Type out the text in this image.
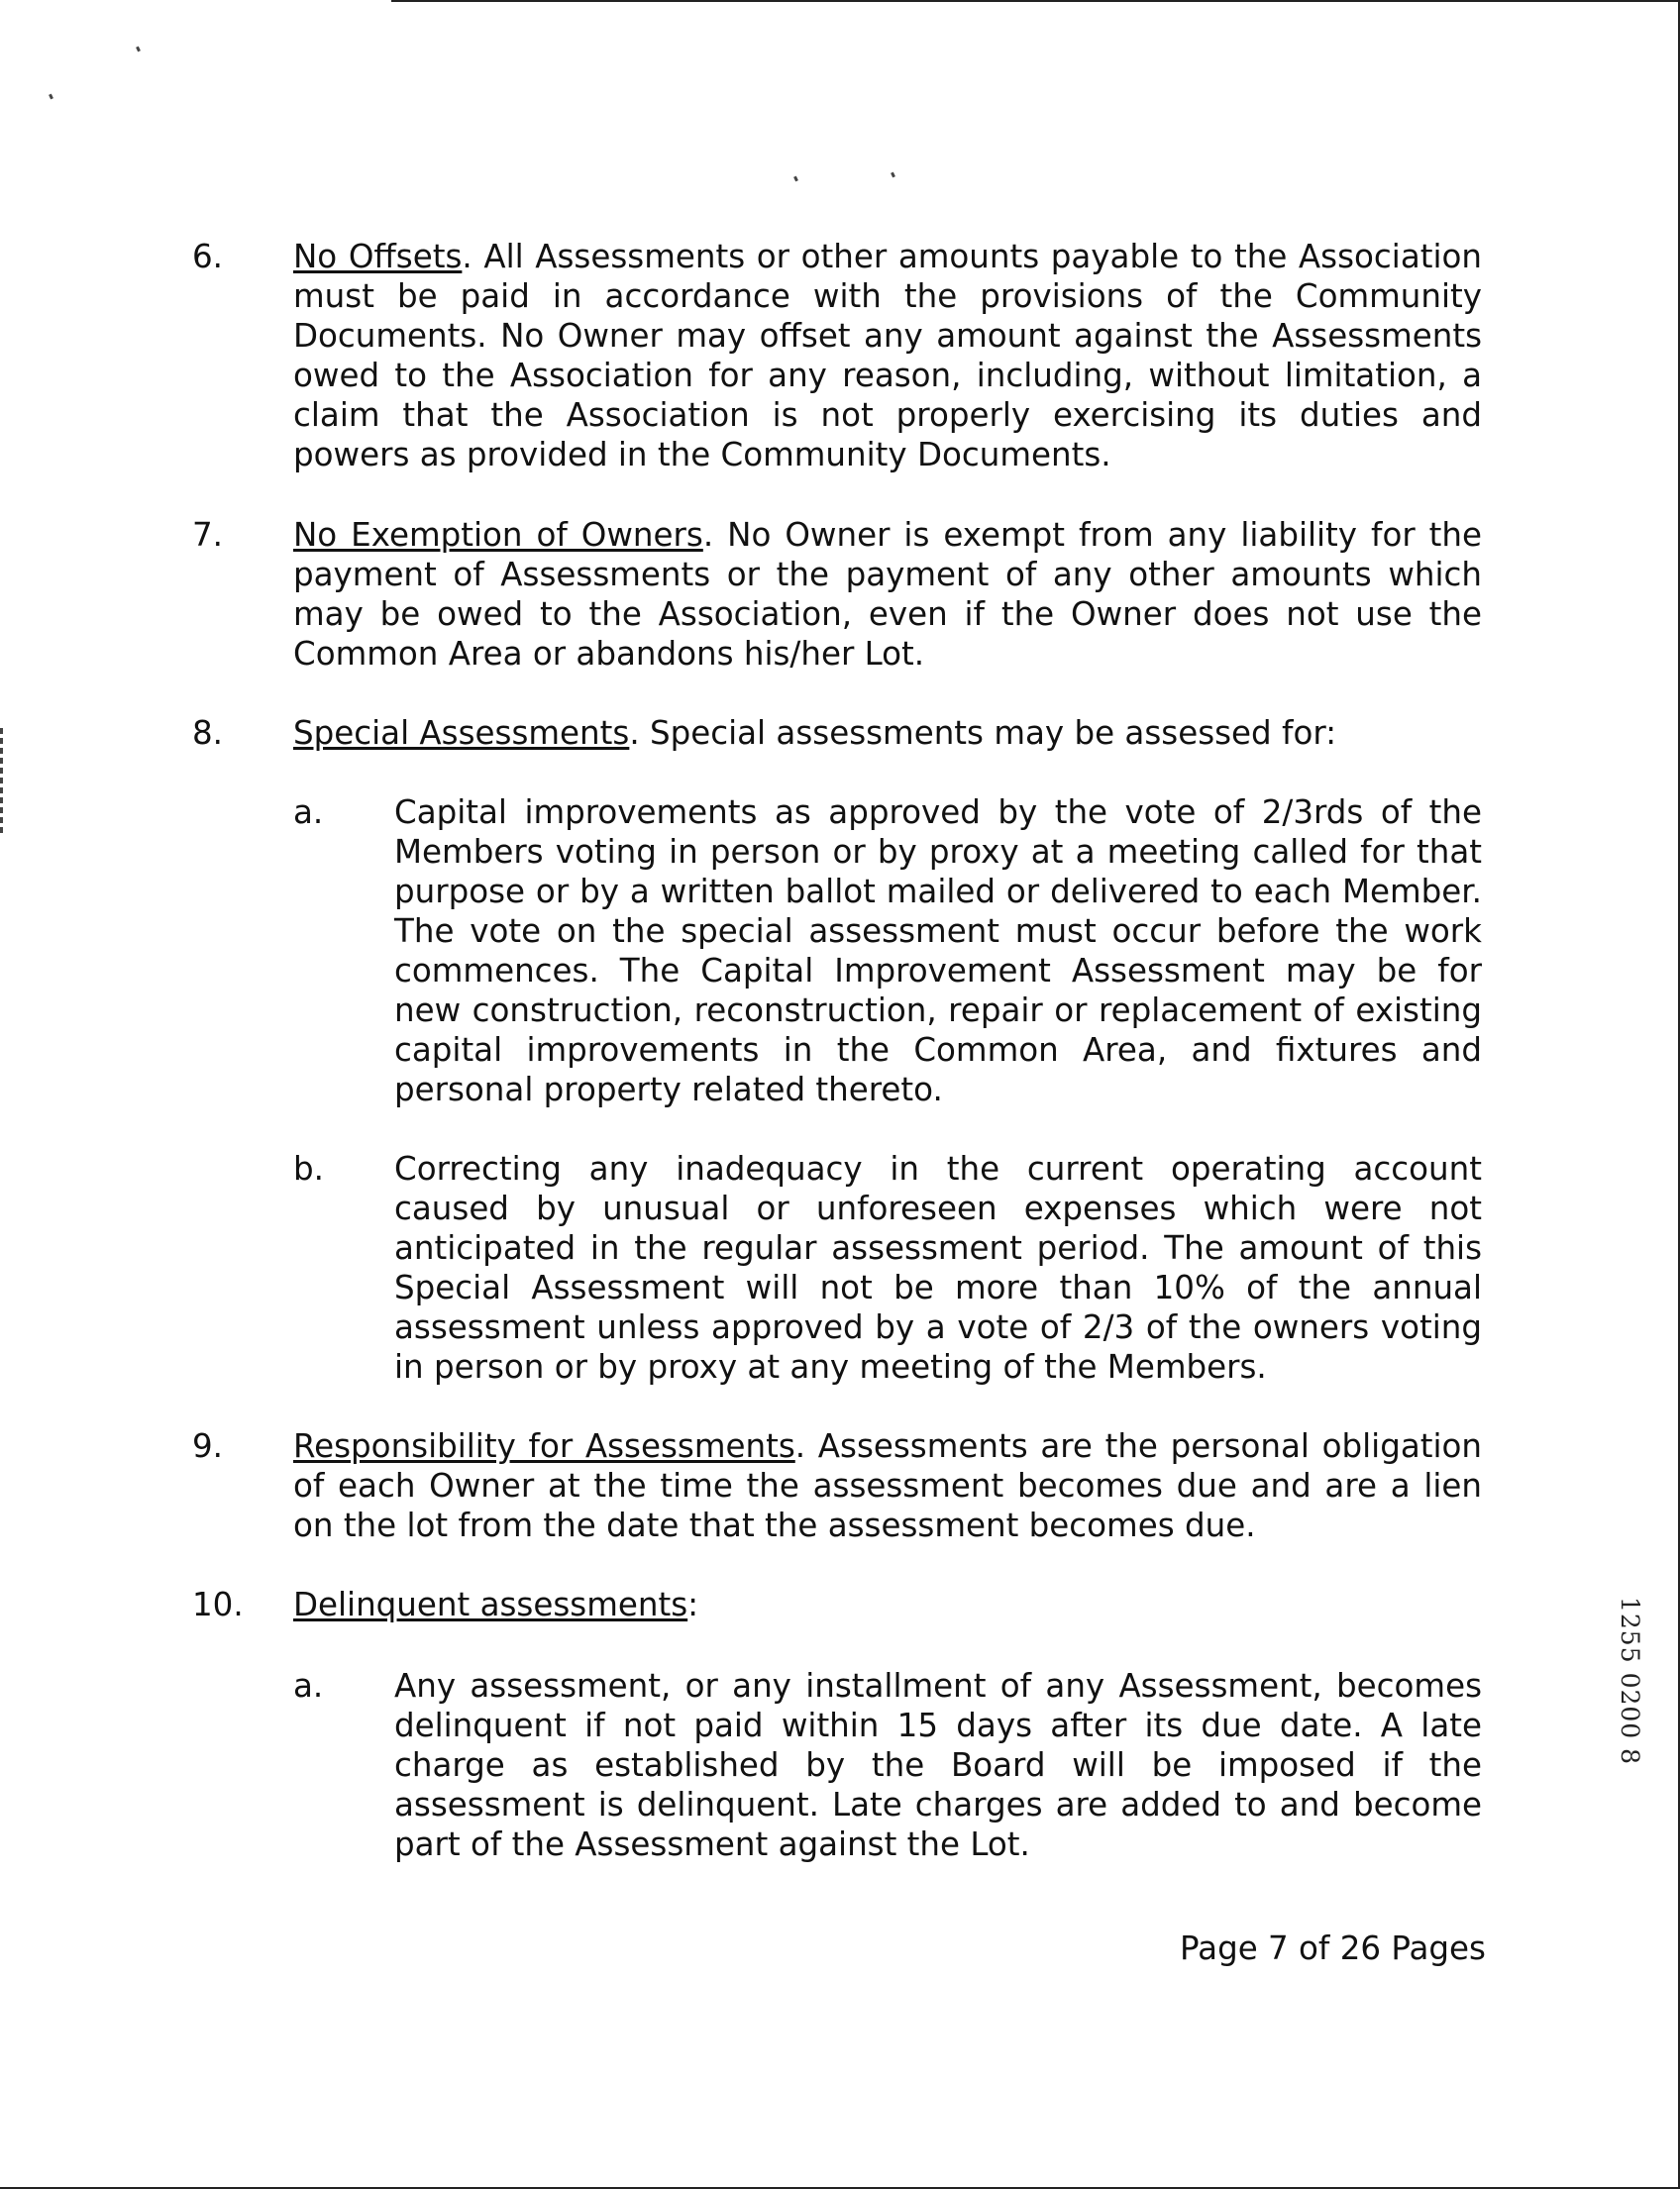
6. No Offsets. All Assessments or other amounts payable to the Association must be paid in accordance with the provisions of the Community Documents. No Owner may offset any amount against the Assessments owed to the Association for any reason, including, without limitation, a claim that the Association is not properly exercising its duties and powers as provided in the Community Documents.
7. No Exemption of Owners. No Owner is exempt from any liability for the payment of Assessments or the payment of any other amounts which may be owed to the Association, even if the Owner does not use the Common Area or abandons his/her Lot.
8. Special Assessments. Special assessments may be assessed for:
a. Capital improvements as approved by the vote of 2/3rds of the Members voting in person or by proxy at a meeting called for that purpose or by a written ballot mailed or delivered to each Member. The vote on the special assessment must occur before the work commences. The Capital Improvement Assessment may be for new construction, reconstruction, repair or replacement of existing capital improvements in the Common Area, and fixtures and personal property related thereto.
b. Correcting any inadequacy in the current operating account caused by unusual or unforeseen expenses which were not anticipated in the regular assessment period. The amount of this Special Assessment will not be more than 10% of the annual assessment unless approved by a vote of 2/3 of the owners voting in person or by proxy at any meeting of the Members.
9. Responsibility for Assessments. Assessments are the personal obligation of each Owner at the time the assessment becomes due and are a lien on the lot from the date that the assessment becomes due.
10. Delinquent assessments:
a. Any assessment, or any installment of any Assessment, becomes delinquent if not paid within 15 days after its due date. A late charge as established by the Board will be imposed if the assessment is delinquent. Late charges are added to and become part of the Assessment against the Lot.
Page 7 of 26 Pages
1255 0200 8
